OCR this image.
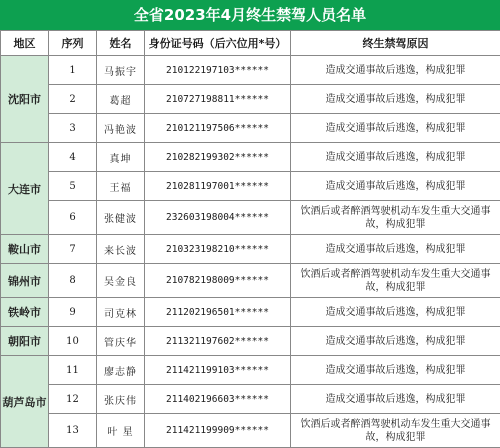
全省2023年4月终生禁驾人员名单
地区	序列	姓名	身份证号码（后六位用*号）	终生禁驾原因
沈阳市	1	马振宇	210122197103******	造成交通事故后逃逸，构成犯罪
	2	葛超	210727198811******	造成交通事故后逃逸，构成犯罪
	3	冯艳波	210121197506******	造成交通事故后逃逸，构成犯罪
大连市	4	真坤	210282199302******	造成交通事故后逃逸，构成犯罪
	5	王福	210281197001******	造成交通事故后逃逸，构成犯罪
	6	张健波	232603198004******	饮酒后或者醉酒驾驶机动车发生重大交通事故，构成犯罪
鞍山市	7	来长波	210323198210******	造成交通事故后逃逸，构成犯罪
锦州市	8	吴金良	210782198009******	饮酒后或者醉酒驾驶机动车发生重大交通事故，构成犯罪
铁岭市	9	司克林	211202196501******	造成交通事故后逃逸，构成犯罪
朝阳市	10	管庆华	211321197602******	造成交通事故后逃逸，构成犯罪
葫芦岛市	11	廖志静	211421199103******	造成交通事故后逃逸，构成犯罪
	12	张庆伟	211402196603******	造成交通事故后逃逸，构成犯罪
	13	叶 星	211421199909******	饮酒后或者醉酒驾驶机动车发生重大交通事故，构成犯罪
